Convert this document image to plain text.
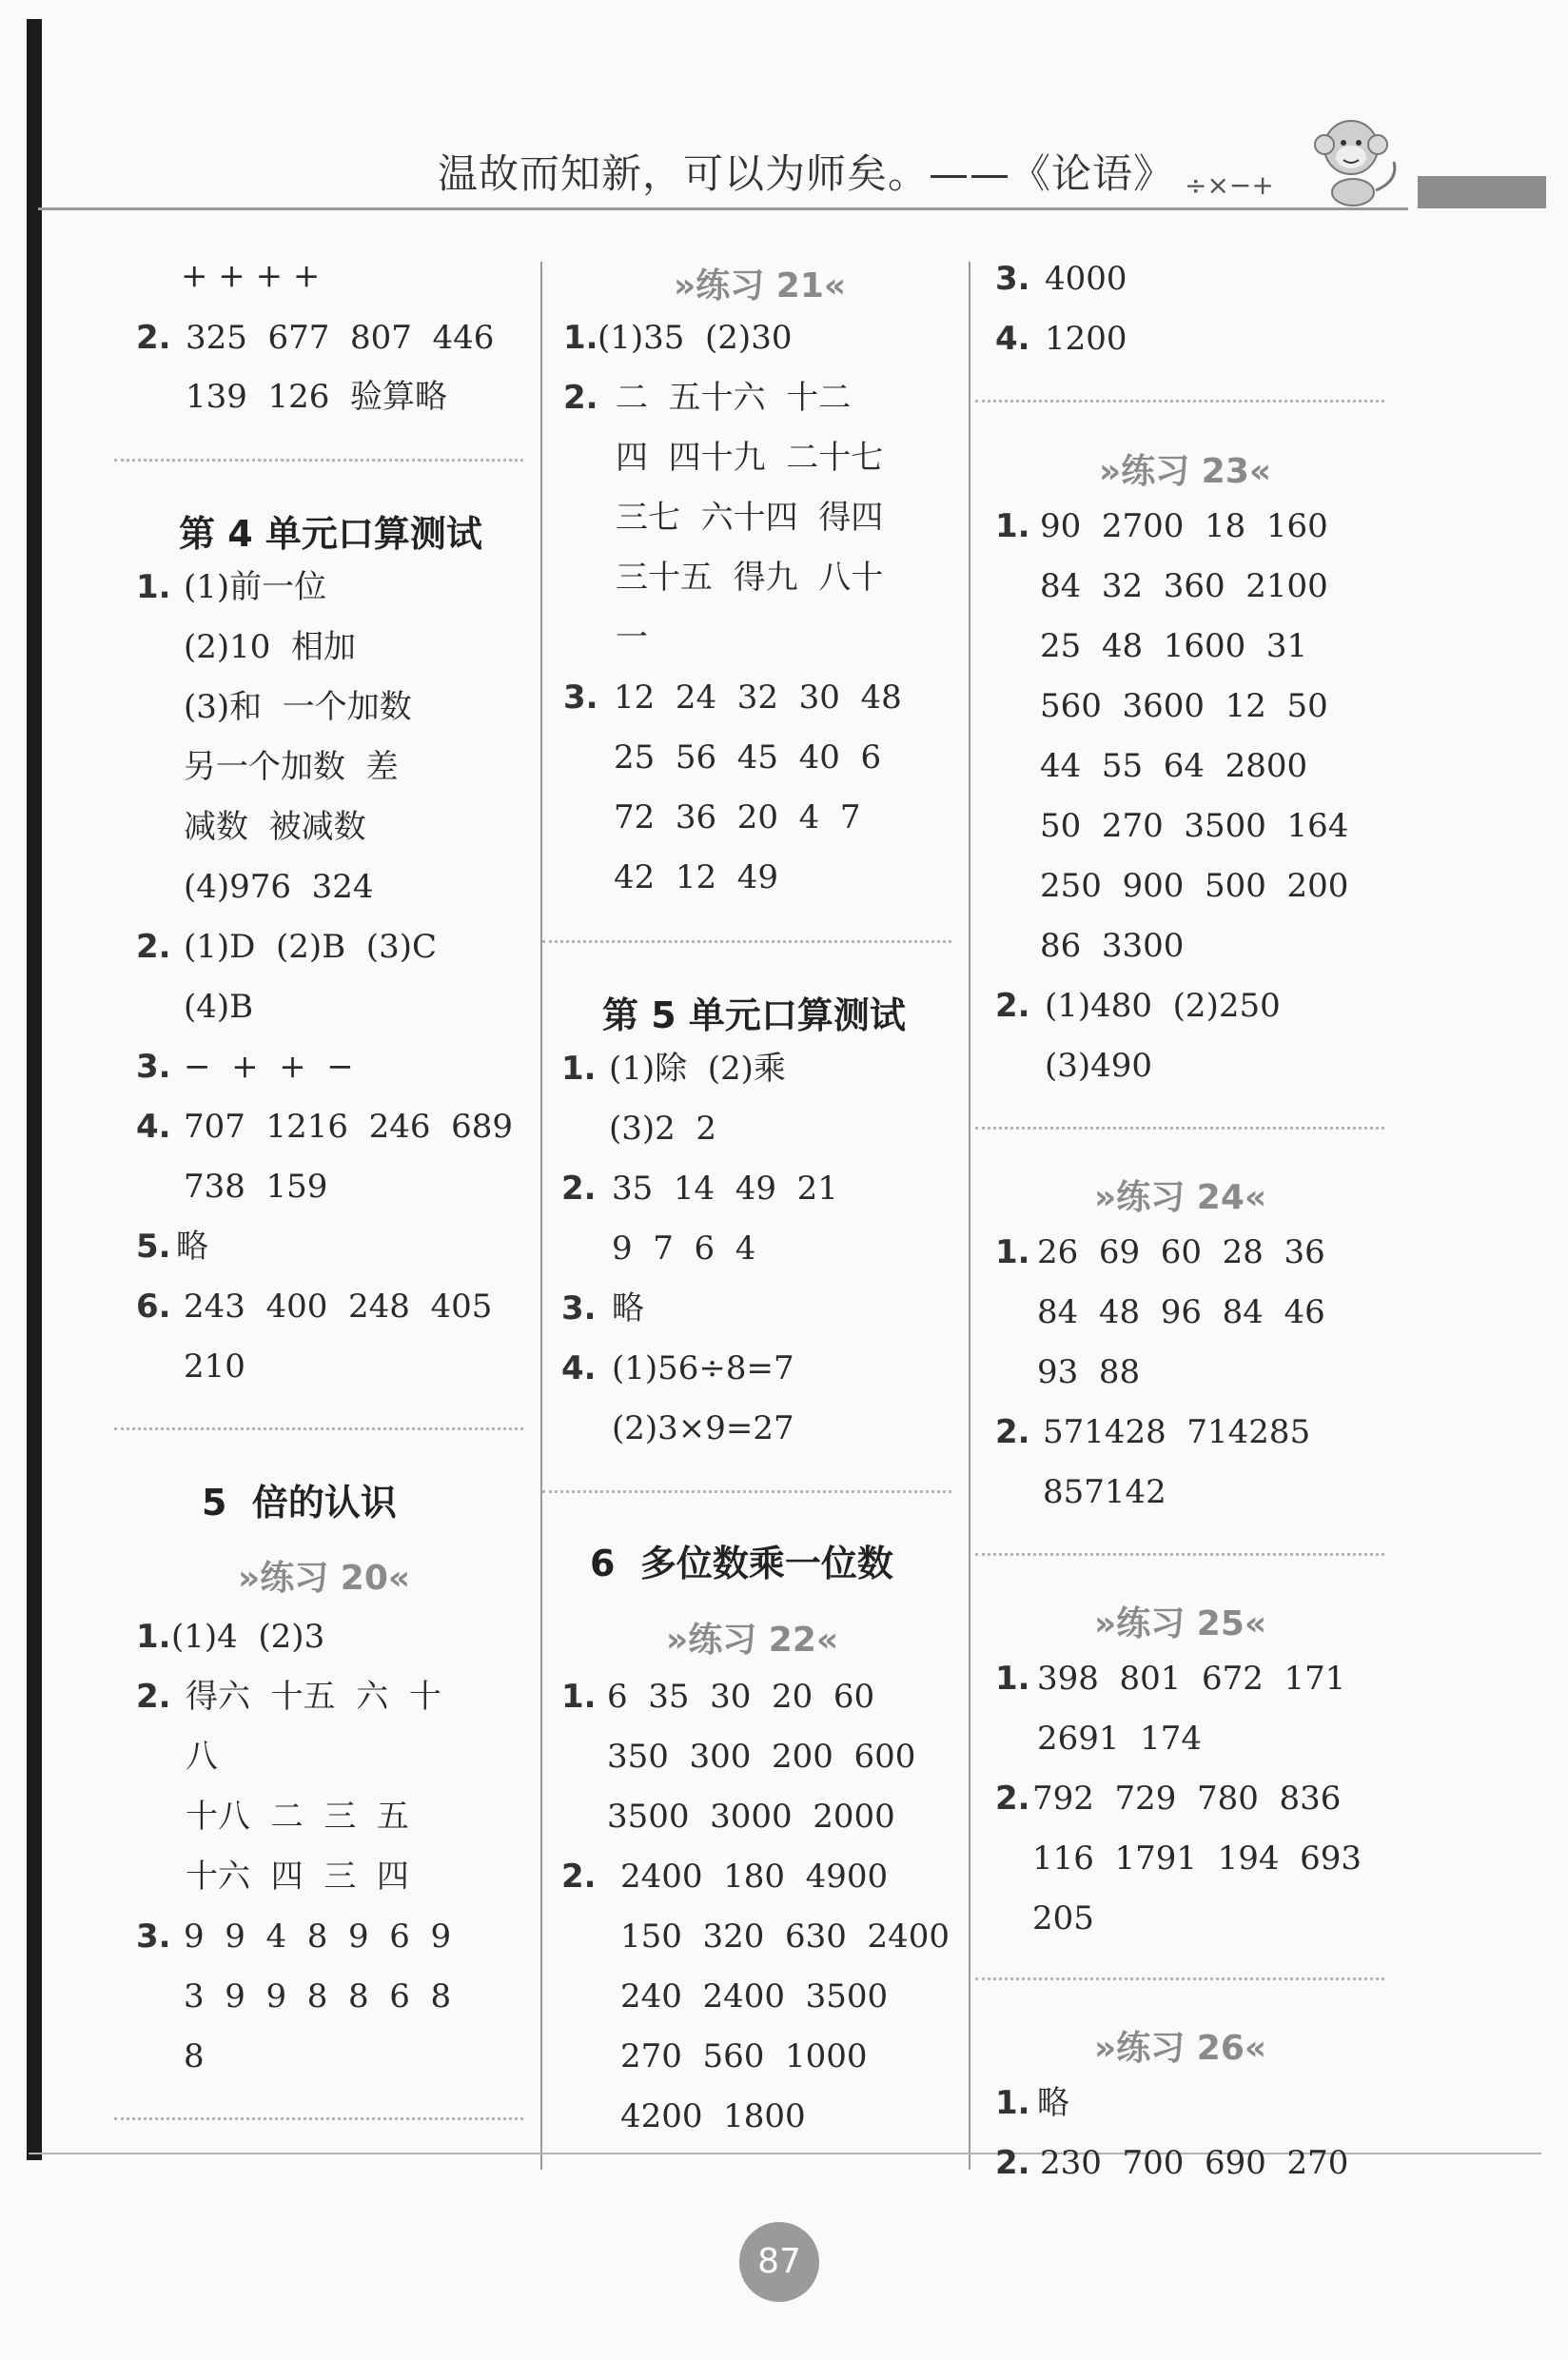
温故而知新，可以为师矣。——《论语》 ÷×−+
+ + + +
2. 325  677  807  446
139  126  验算略
第 4 单元口算测试
1. (1)前一位
(2)10  相加
(3)和  一个加数
另一个加数  差
减数  被减数
(4)976  324
2. (1)D  (2)B  (3)C
(4)B
3. −  +  +  −
4. 707  1216  246  689
738  159
5. 略
6. 243  400  248  405
210
5  倍的认识
»练习 20«
1. (1)4  (2)3
2. 得六  十五  六  十
八
十八  二  三  五
十六  四  三  四
3. 9  9  4  8  9  6  9
3  9  9  8  8  6  8
8
»练习 21«
1. (1)35  (2)30
2. 二  五十六  十二
四  四十九  二十七
三七  六十四  得四
三十五  得九  八十
一
3. 12  24  32  30  48
25  56  45  40  6
72  36  20  4  7
42  12  49
第 5 单元口算测试
1. (1)除  (2)乘
(3)2  2
2. 35  14  49  21
9  7  6  4
3. 略
4. (1)56÷8=7
(2)3×9=27
6  多位数乘一位数
»练习 22«
1. 6  35  30  20  60
350  300  200  600
3500  3000  2000
2. 2400  180  4900
150  320  630  2400
240  2400  3500
270  560  1000
4200  1800
3. 4000
4. 1200
»练习 23«
1. 90  2700  18  160
84  32  360  2100
25  48  1600  31
560  3600  12  50
44  55  64  2800
50  270  3500  164
250  900  500  200
86  3300
2. (1)480  (2)250
(3)490
»练习 24«
1. 26  69  60  28  36
84  48  96  84  46
93  88
2. 571428  714285
857142
»练习 25«
1. 398  801  672  171
2691  174
2. 792  729  780  836
116  1791  194  693
205
»练习 26«
1. 略
2. 230  700  690  270
87
